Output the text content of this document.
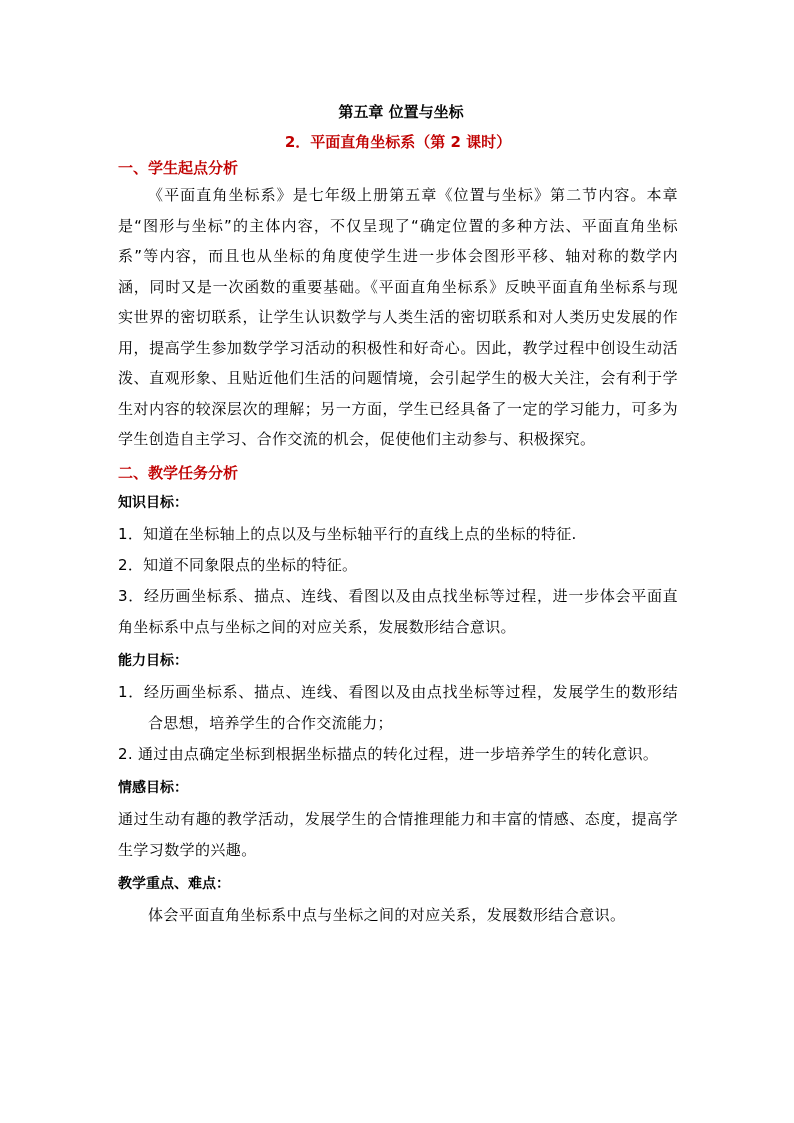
第五章 位置与坐标
2．平面直角坐标系（第 2 课时）
一、学生起点分析

《平面直角坐标系》是七年级上册第五章《位置与坐标》第二节内容。本章是“图形与坐标”的主体内容，不仅呈现了“确定位置的多种方法、平面直角坐标系”等内容，而且也从坐标的角度使学生进一步体会图形平移、轴对称的数学内涵，同时又是一次函数的重要基础。《平面直角坐标系》反映平面直角坐标系与现实世界的密切联系，让学生认识数学与人类生活的密切联系和对人类历史发展的作用，提高学生参加数学学习活动的积极性和好奇心。因此，教学过程中创设生动活泼、直观形象、且贴近他们生活的问题情境，会引起学生的极大关注，会有利于学生对内容的较深层次的理解；另一方面，学生已经具备了一定的学习能力，可多为学生创造自主学习、合作交流的机会，促使他们主动参与、积极探究。

二、教学任务分析
知识目标：

1．知道在坐标轴上的点以及与坐标轴平行的直线上点的坐标的特征.

2．知道不同象限点的坐标的特征。

3．经历画坐标系、描点、连线、看图以及由点找坐标等过程，进一步体会平面直角坐标系中点与坐标之间的对应关系，发展数形结合意识。

能力目标：

1．经历画坐标系、描点、连线、看图以及由点找坐标等过程，发展学生的数形结合思想，培养学生的合作交流能力；

2. 通过由点确定坐标到根据坐标描点的转化过程，进一步培养学生的转化意识。

情感目标：

通过生动有趣的教学活动，发展学生的合情推理能力和丰富的情感、态度，提高学生学习数学的兴趣。

教学重点、难点：

体会平面直角坐标系中点与坐标之间的对应关系，发展数形结合意识。
